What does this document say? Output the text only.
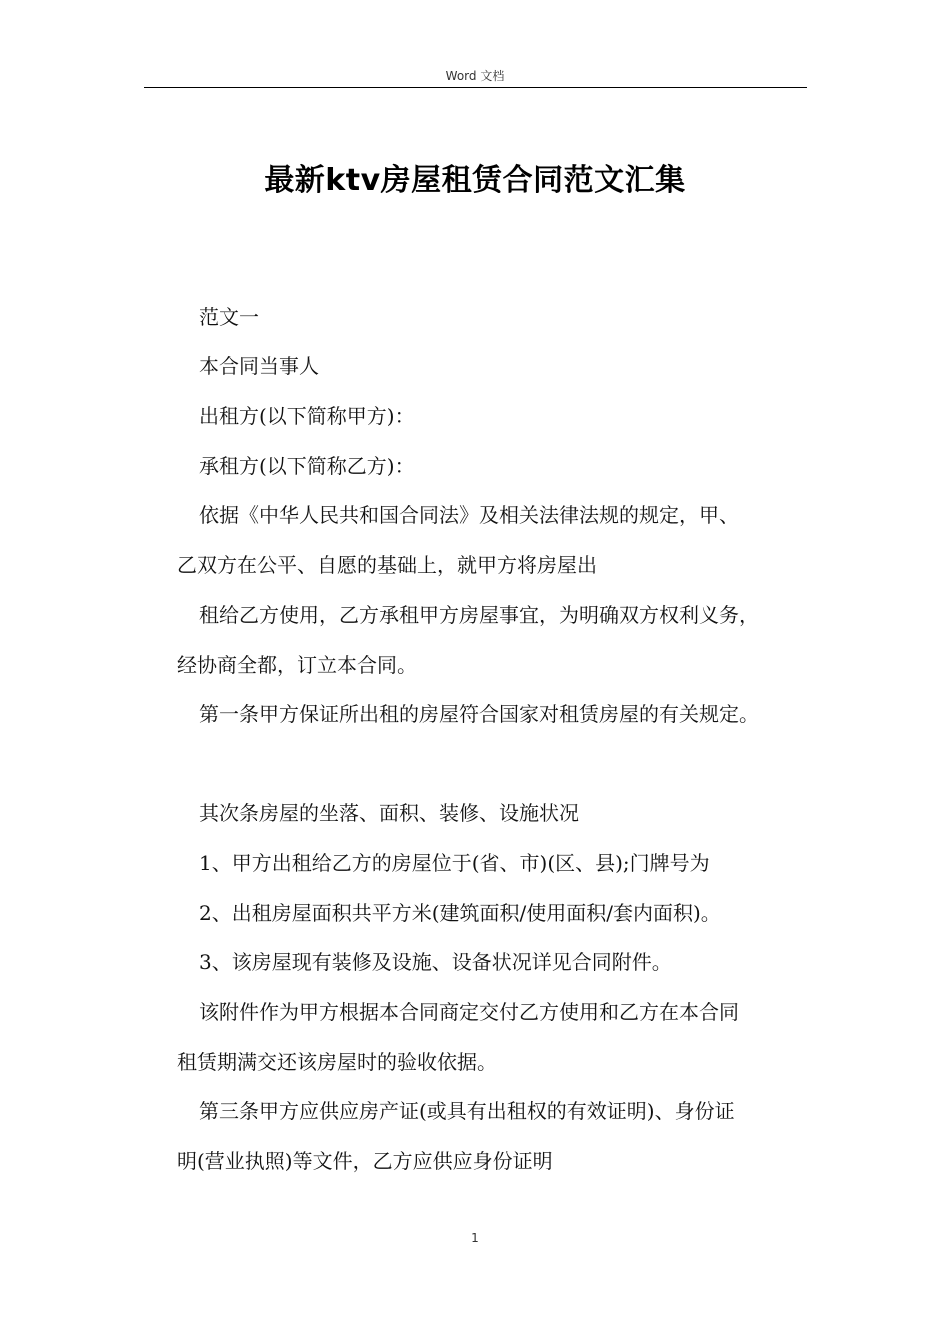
Word 文档
最新ktv房屋租赁合同范文汇集
范文一
本合同当事人
出租方(以下简称甲方)：
承租方(以下简称乙方)：
依据《中华人民共和国合同法》及相关法律法规的规定，甲、
乙双方在公平、自愿的基础上，就甲方将房屋出
租给乙方使用，乙方承租甲方房屋事宜，为明确双方权利义务，
经协商全都，订立本合同。
第一条甲方保证所出租的房屋符合国家对租赁房屋的有关规定。
其次条房屋的坐落、面积、装修、设施状况
1、甲方出租给乙方的房屋位于(省、市)(区、县);门牌号为
2、出租房屋面积共平方米(建筑面积/使用面积/套内面积)。
3、该房屋现有装修及设施、设备状况详见合同附件。
该附件作为甲方根据本合同商定交付乙方使用和乙方在本合同
租赁期满交还该房屋时的验收依据。
第三条甲方应供应房产证(或具有出租权的有效证明)、身份证
明(营业执照)等文件，乙方应供应身份证明
1
